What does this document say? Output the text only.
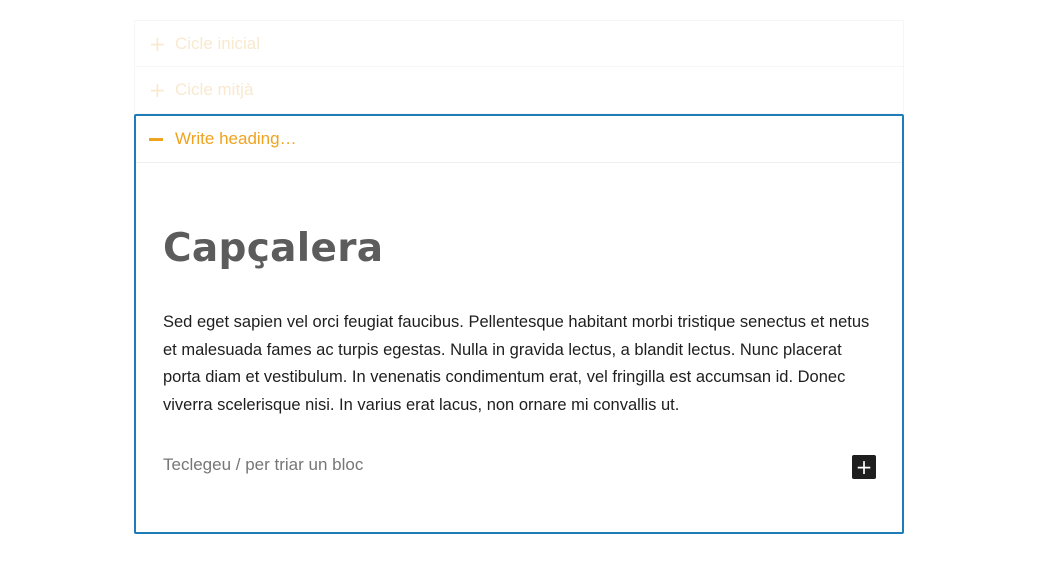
+ Cicle inicial
+ Cicle mitjà
Write heading…
Capçalera
Sed eget sapien vel orci feugiat faucibus. Pellentesque habitant morbi tristique senectus et netus et malesuada fames ac turpis egestas. Nulla in gravida lectus, a blandit lectus. Nunc placerat porta diam et vestibulum. In venenatis condimentum erat, vel fringilla est accumsan id. Donec viverra scelerisque nisi. In varius erat lacus, non ornare mi convallis ut.
Teclegeu / per triar un bloc	+
